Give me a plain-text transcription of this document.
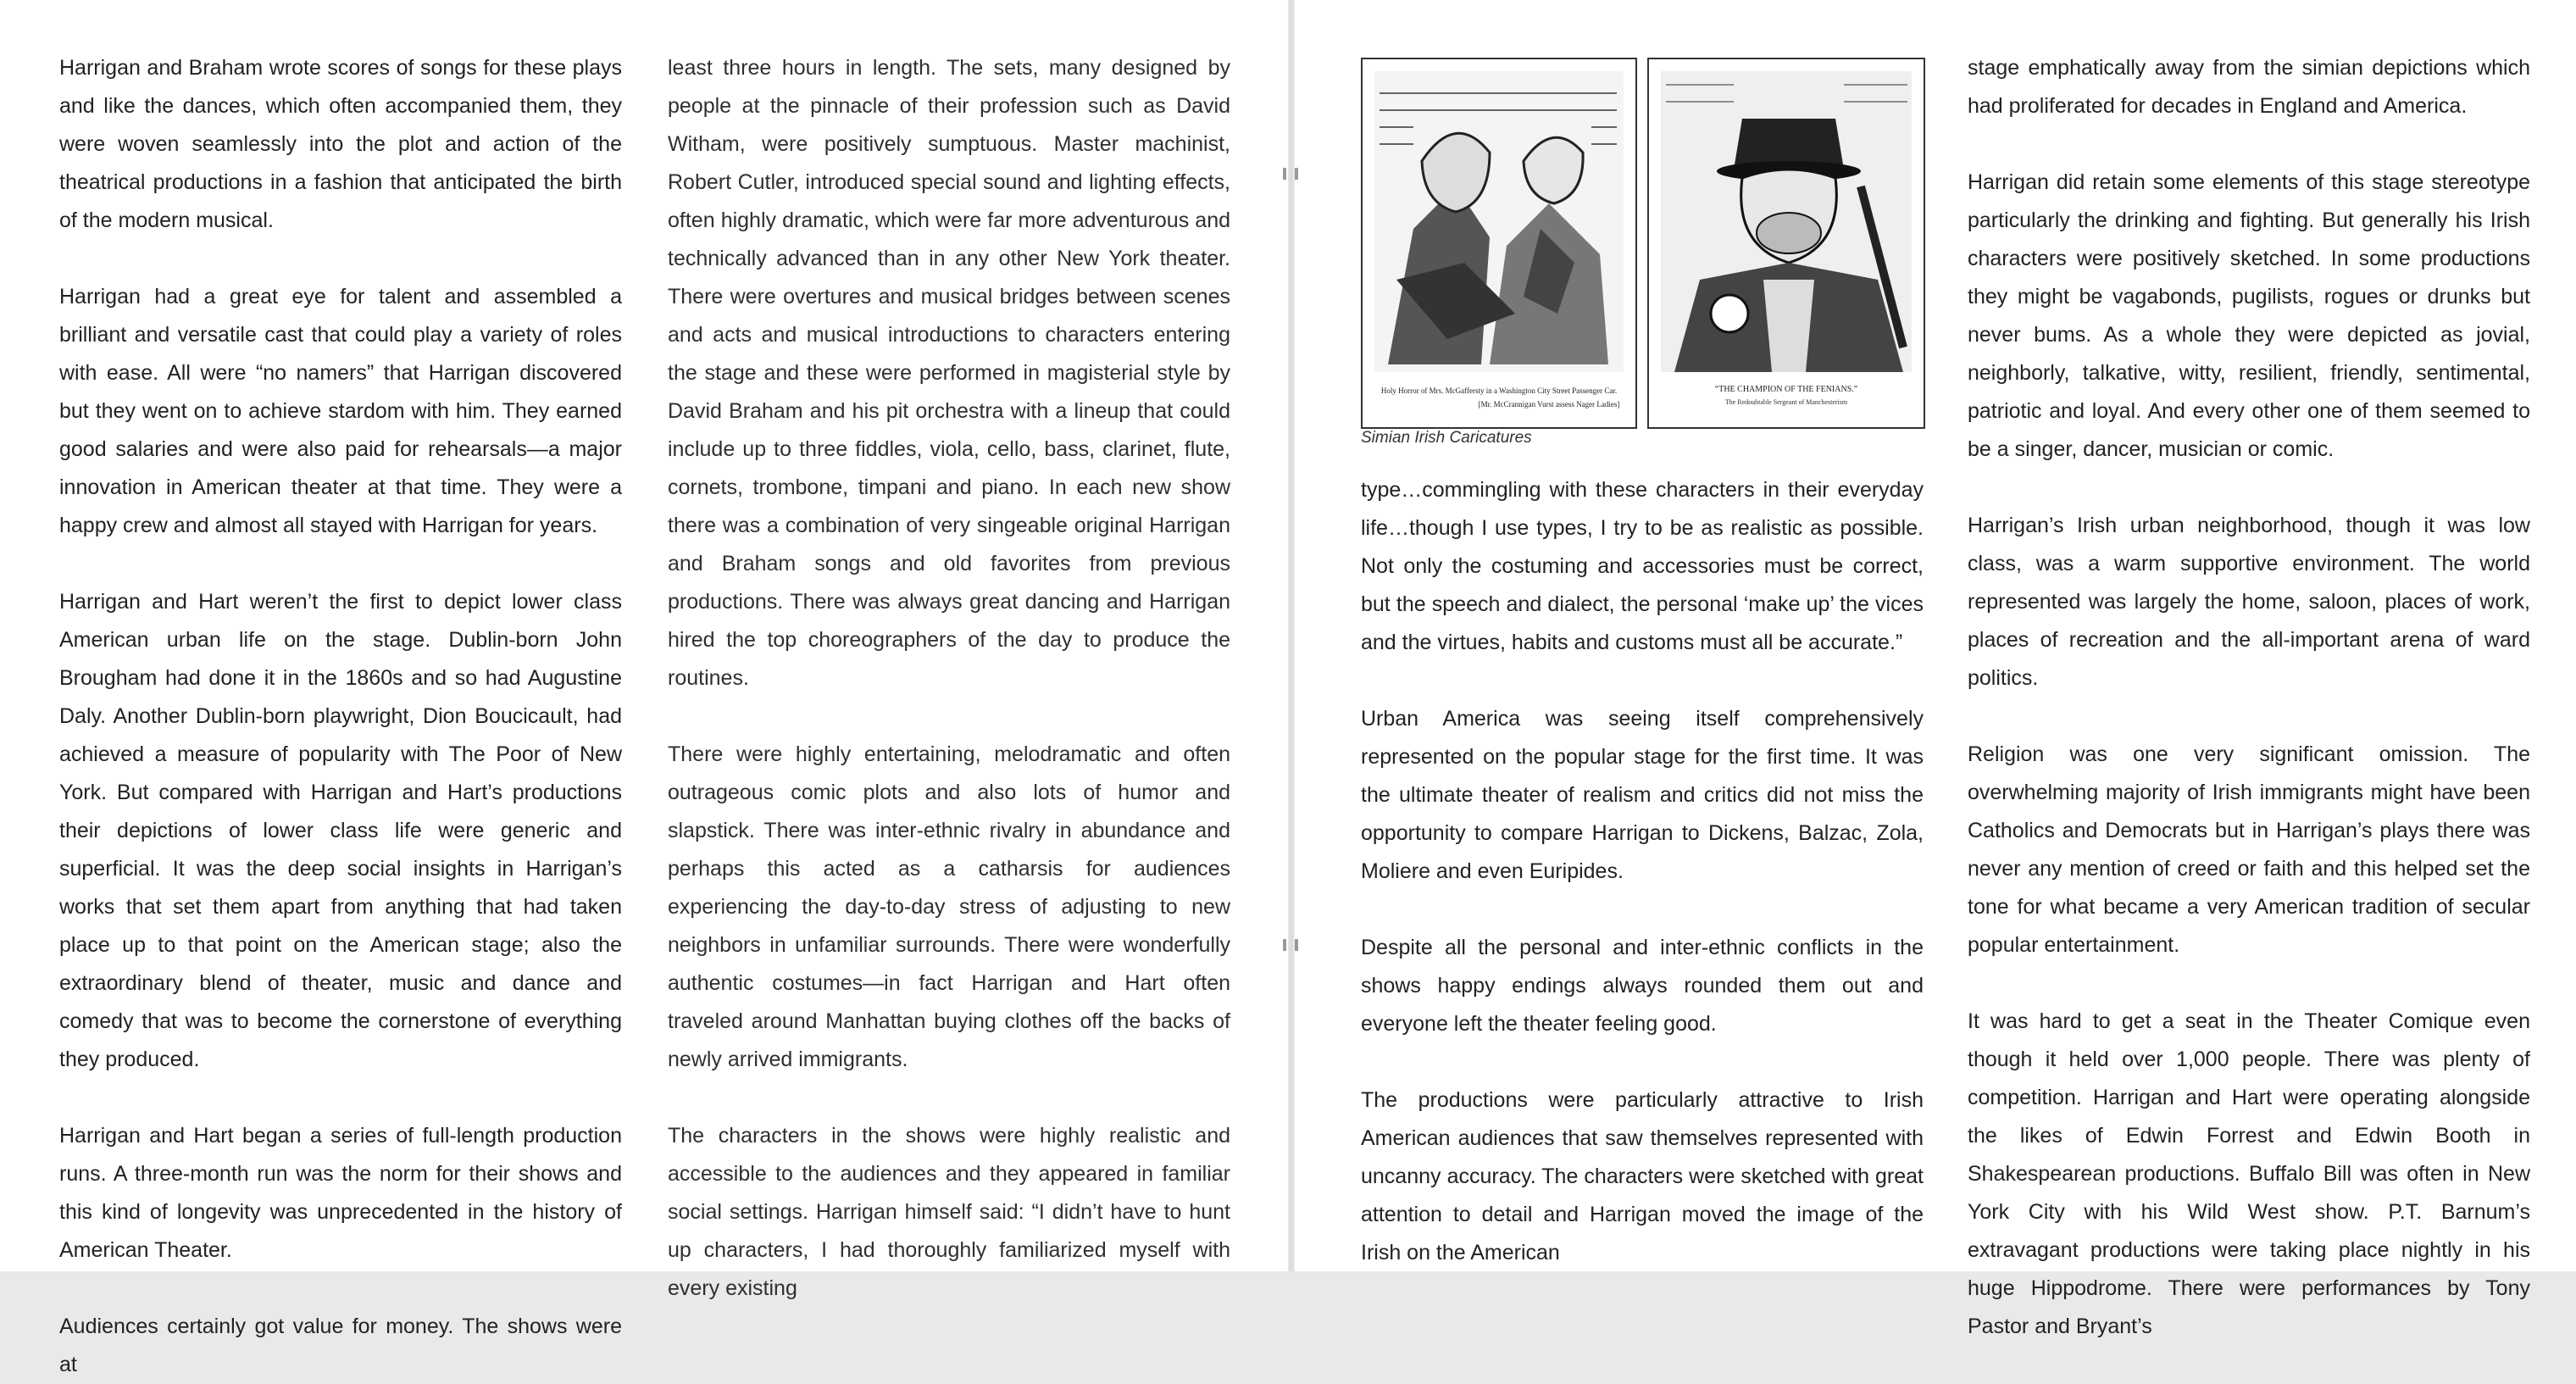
Harrigan and Braham wrote scores of songs for these plays and like the dances, which often accompanied them, they were woven seamlessly into the plot and action of the theatrical productions in a fashion that anticipated the birth of the modern musical.

Harrigan had a great eye for talent and assembled a brilliant and versatile cast that could play a variety of roles with ease. All were “no namers” that Harrigan discovered but they went on to achieve stardom with him. They earned good salaries and were also paid for rehearsals—a major innovation in American theater at that time. They were a happy crew and almost all stayed with Harrigan for years.

Harrigan and Hart weren’t the first to depict lower class American urban life on the stage. Dublin-born John Brougham had done it in the 1860s and so had Augustine Daly. Another Dublin-born playwright, Dion Boucicault, had achieved a measure of popularity with The Poor of New York. But compared with Harrigan and Hart’s productions their depictions of lower class life were generic and superficial. It was the deep social insights in Harrigan’s works that set them apart from anything that had taken place up to that point on the American stage; also the extraordinary blend of theater, music and dance and comedy that was to become the cornerstone of everything they produced.

Harrigan and Hart began a series of full-length production runs. A three-month run was the norm for their shows and this kind of longevity was unprecedented in the history of American Theater.

Audiences certainly got value for money. The shows were at

least three hours in length. The sets, many designed by people at the pinnacle of their profession such as David Witham, were positively sumptuous. Master machinist, Robert Cutler, introduced special sound and lighting effects, often highly dramatic, which were far more adventurous and technically advanced than in any other New York theater. There were overtures and musical bridges between scenes and acts and musical introductions to characters entering the stage and these were performed in magisterial style by David Braham and his pit orchestra with a lineup that could include up to three fiddles, viola, cello, bass, clarinet, flute, cornets, trombone, timpani and piano. In each new show there was a combination of very singeable original Harrigan and Braham songs and old favorites from previous productions. There was always great dancing and Harrigan hired the top choreographers of the day to produce the routines.

There were highly entertaining, melodramatic and often outrageous comic plots and also lots of humor and slapstick. There was inter-ethnic rivalry in abundance and perhaps this acted as a catharsis for audiences experiencing the day-to-day stress of adjusting to new neighbors in unfamiliar surrounds. There were wonderfully authentic costumes—in fact Harrigan and Hart often traveled around Manhattan buying clothes off the backs of newly arrived immigrants.

The characters in the shows were highly realistic and accessible to the audiences and they appeared in familiar social settings. Harrigan himself said: “I didn’t have to hunt up characters, I had thoroughly familiarized myself with every existing

Holy Horror of Mrs. McGaffersty in a Washington City Street Passenger Car.
[Mr. McCrannigan Vurst assess Nager Ladies]
“THE CHAMPION OF THE FENIANS.”
The Redoubtable Sergeant of Manchesterism
Simian Irish Caricatures

type…commingling with these characters in their everyday life…though I use types, I try to be as realistic as possible. Not only the costuming and accessories must be correct, but the speech and dialect, the personal ‘make up’ the vices and the virtues, habits and customs must all be accurate.”

Urban America was seeing itself comprehensively represented on the popular stage for the first time. It was the ultimate theater of realism and critics did not miss the opportunity to compare Harrigan to Dickens, Balzac, Zola, Moliere and even Euripides.

Despite all the personal and inter-ethnic conflicts in the shows happy endings always rounded them out and everyone left the theater feeling good.

The productions were particularly attractive to Irish American audiences that saw themselves represented with uncanny accuracy. The characters were sketched with great attention to detail and Harrigan moved the image of the Irish on the American

stage emphatically away from the simian depictions which had proliferated for decades in England and America.

Harrigan did retain some elements of this stage stereotype particularly the drinking and fighting. But generally his Irish characters were positively sketched. In some productions they might be vagabonds, pugilists, rogues or drunks but never bums. As a whole they were depicted as jovial, neighborly, talkative, witty, resilient, friendly, sentimental, patriotic and loyal. And every other one of them seemed to be a singer, dancer, musician or comic.

Harrigan’s Irish urban neighborhood, though it was low class, was a warm supportive environment. The world represented was largely the home, saloon, places of work, places of recreation and the all-important arena of ward politics.

Religion was one very significant omission. The overwhelming majority of Irish immigrants might have been Catholics and Democrats but in Harrigan’s plays there was never any mention of creed or faith and this helped set the tone for what became a very American tradition of secular popular entertainment.

It was hard to get a seat in the Theater Comique even though it held over 1,000 people. There was plenty of competition. Harrigan and Hart were operating alongside the likes of Edwin Forrest and Edwin Booth in Shakespearean productions. Buffalo Bill was often in New York City with his Wild West show. P.T. Barnum’s extravagant productions were taking place nightly in his huge Hippodrome. There were performances by Tony Pastor and Bryant’s
